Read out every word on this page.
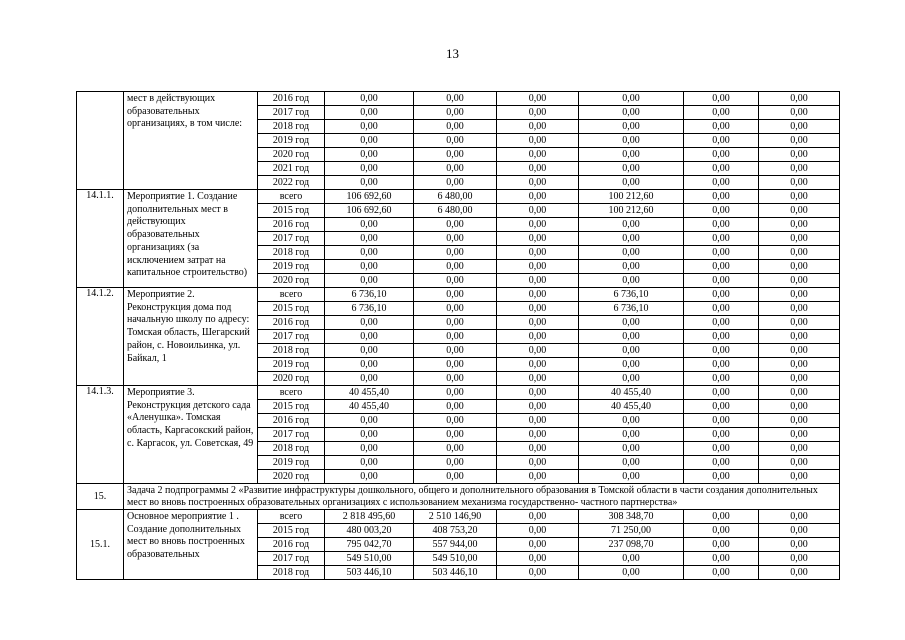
13
	мест в действующих образовательных организациях, в том числе:	2016 год	0,00	0,00	0,00	0,00	0,00	0,00
		2017 год	0,00	0,00	0,00	0,00	0,00	0,00
		2018 год	0,00	0,00	0,00	0,00	0,00	0,00
		2019 год	0,00	0,00	0,00	0,00	0,00	0,00
		2020 год	0,00	0,00	0,00	0,00	0,00	0,00
		2021 год	0,00	0,00	0,00	0,00	0,00	0,00
		2022 год	0,00	0,00	0,00	0,00	0,00	0,00
14.1.1.	Мероприятие 1. Создание дополнительных мест в действующих образовательных организациях (за исключением затрат на капитальное строительство)	всего	106 692,60	6 480,00	0,00	100 212,60	0,00	0,00
		2015 год	106 692,60	6 480,00	0,00	100 212,60	0,00	0,00
		2016 год	0,00	0,00	0,00	0,00	0,00	0,00
		2017 год	0,00	0,00	0,00	0,00	0,00	0,00
		2018 год	0,00	0,00	0,00	0,00	0,00	0,00
		2019 год	0,00	0,00	0,00	0,00	0,00	0,00
		2020 год	0,00	0,00	0,00	0,00	0,00	0,00
14.1.2.	Мероприятие 2. Реконструкция дома под начальную школу по адресу: Томская область, Шегарский район, с. Новоильинка, ул. Байкал, 1	всего	6 736,10	0,00	0,00	6 736,10	0,00	0,00
		2015 год	6 736,10	0,00	0,00	6 736,10	0,00	0,00
		2016 год	0,00	0,00	0,00	0,00	0,00	0,00
		2017 год	0,00	0,00	0,00	0,00	0,00	0,00
		2018 год	0,00	0,00	0,00	0,00	0,00	0,00
		2019 год	0,00	0,00	0,00	0,00	0,00	0,00
		2020 год	0,00	0,00	0,00	0,00	0,00	0,00
14.1.3.	Мероприятие 3. Реконструкция детского сада «Аленушка». Томская область, Каргасокский район, с. Каргасок, ул. Советская, 49	всего	40 455,40	0,00	0,00	40 455,40	0,00	0,00
		2015 год	40 455,40	0,00	0,00	40 455,40	0,00	0,00
		2016 год	0,00	0,00	0,00	0,00	0,00	0,00
		2017 год	0,00	0,00	0,00	0,00	0,00	0,00
		2018 год	0,00	0,00	0,00	0,00	0,00	0,00
		2019 год	0,00	0,00	0,00	0,00	0,00	0,00
		2020 год	0,00	0,00	0,00	0,00	0,00	0,00
15.	Задача 2 подпрограммы 2 «Развитие инфраструктуры дошкольного, общего и дополнительного образования в Томской области в части создания дополнительных мест во вновь построенных образовательных организациях с использованием механизма государственно- частного партнерства»							
15.1.	Основное мероприятие 1 . Создание дополнительных мест во вновь построенных образовательных	всего	2 818 495,60	2 510 146,90	0,00	308 348,70	0,00	0,00
		2015 год	480 003,20	408 753,20	0,00	71 250,00	0,00	0,00
		2016 год	795 042,70	557 944,00	0,00	237 098,70	0,00	0,00
		2017 год	549 510,00	549 510,00	0,00	0,00	0,00	0,00
		2018 год	503 446,10	503 446,10	0,00	0,00	0,00	0,00
